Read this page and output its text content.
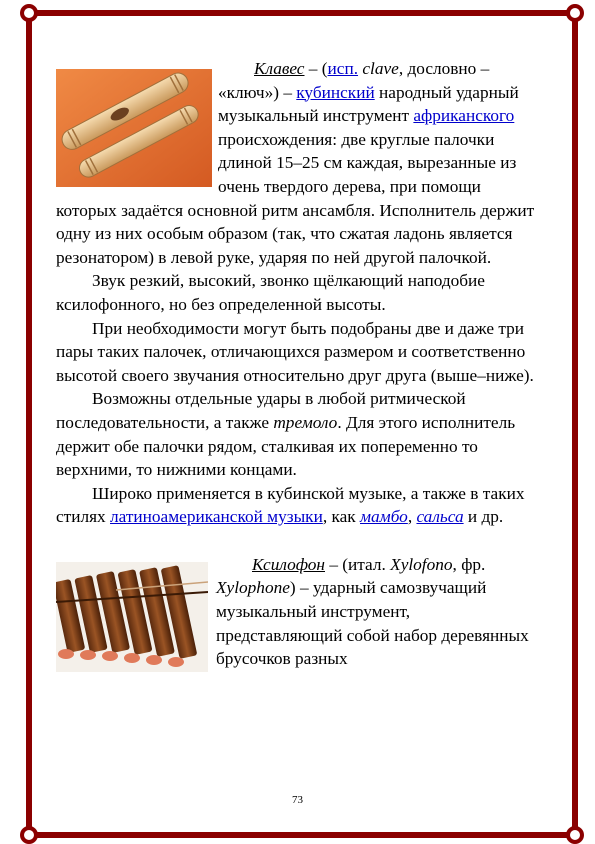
Клавес – (исп. clave, дословно – «ключ») – кубинский народный ударный музыкальный инструмент африканского происхождения: две круглые палочки длиной 15–25 см каждая, вырезанные из очень твердого дерева, при помощи которых задаётся основной ритм ансамбля. Исполнитель держит одну из них особым образом (так, что сжатая ладонь является резонатором) в левой руке, ударяя по ней другой палочкой.

Звук резкий, высокий, звонко щёлкающий наподобие ксилофонного, но без определенной высоты.

При необходимости могут быть подобраны две и даже три пары таких палочек, отличающихся размером и соответственно высотой своего звучания относительно друг друга (выше–ниже).

Возможны отдельные удары в любой ритмической последовательности, а также тремоло. Для этого исполнитель держит обе палочки рядом, сталкивая их попеременно то верхними, то нижними концами.

Широко применяется в кубинской музыке, а также в таких стилях латиноамериканской музыки, как мамбо, сальса и др.

Ксилофон – (итал. Xylofono, фр. Xylophone) – ударный самозвучащий музыкальный инструмент, представляющий собой набор деревянных брусочков разных

73
